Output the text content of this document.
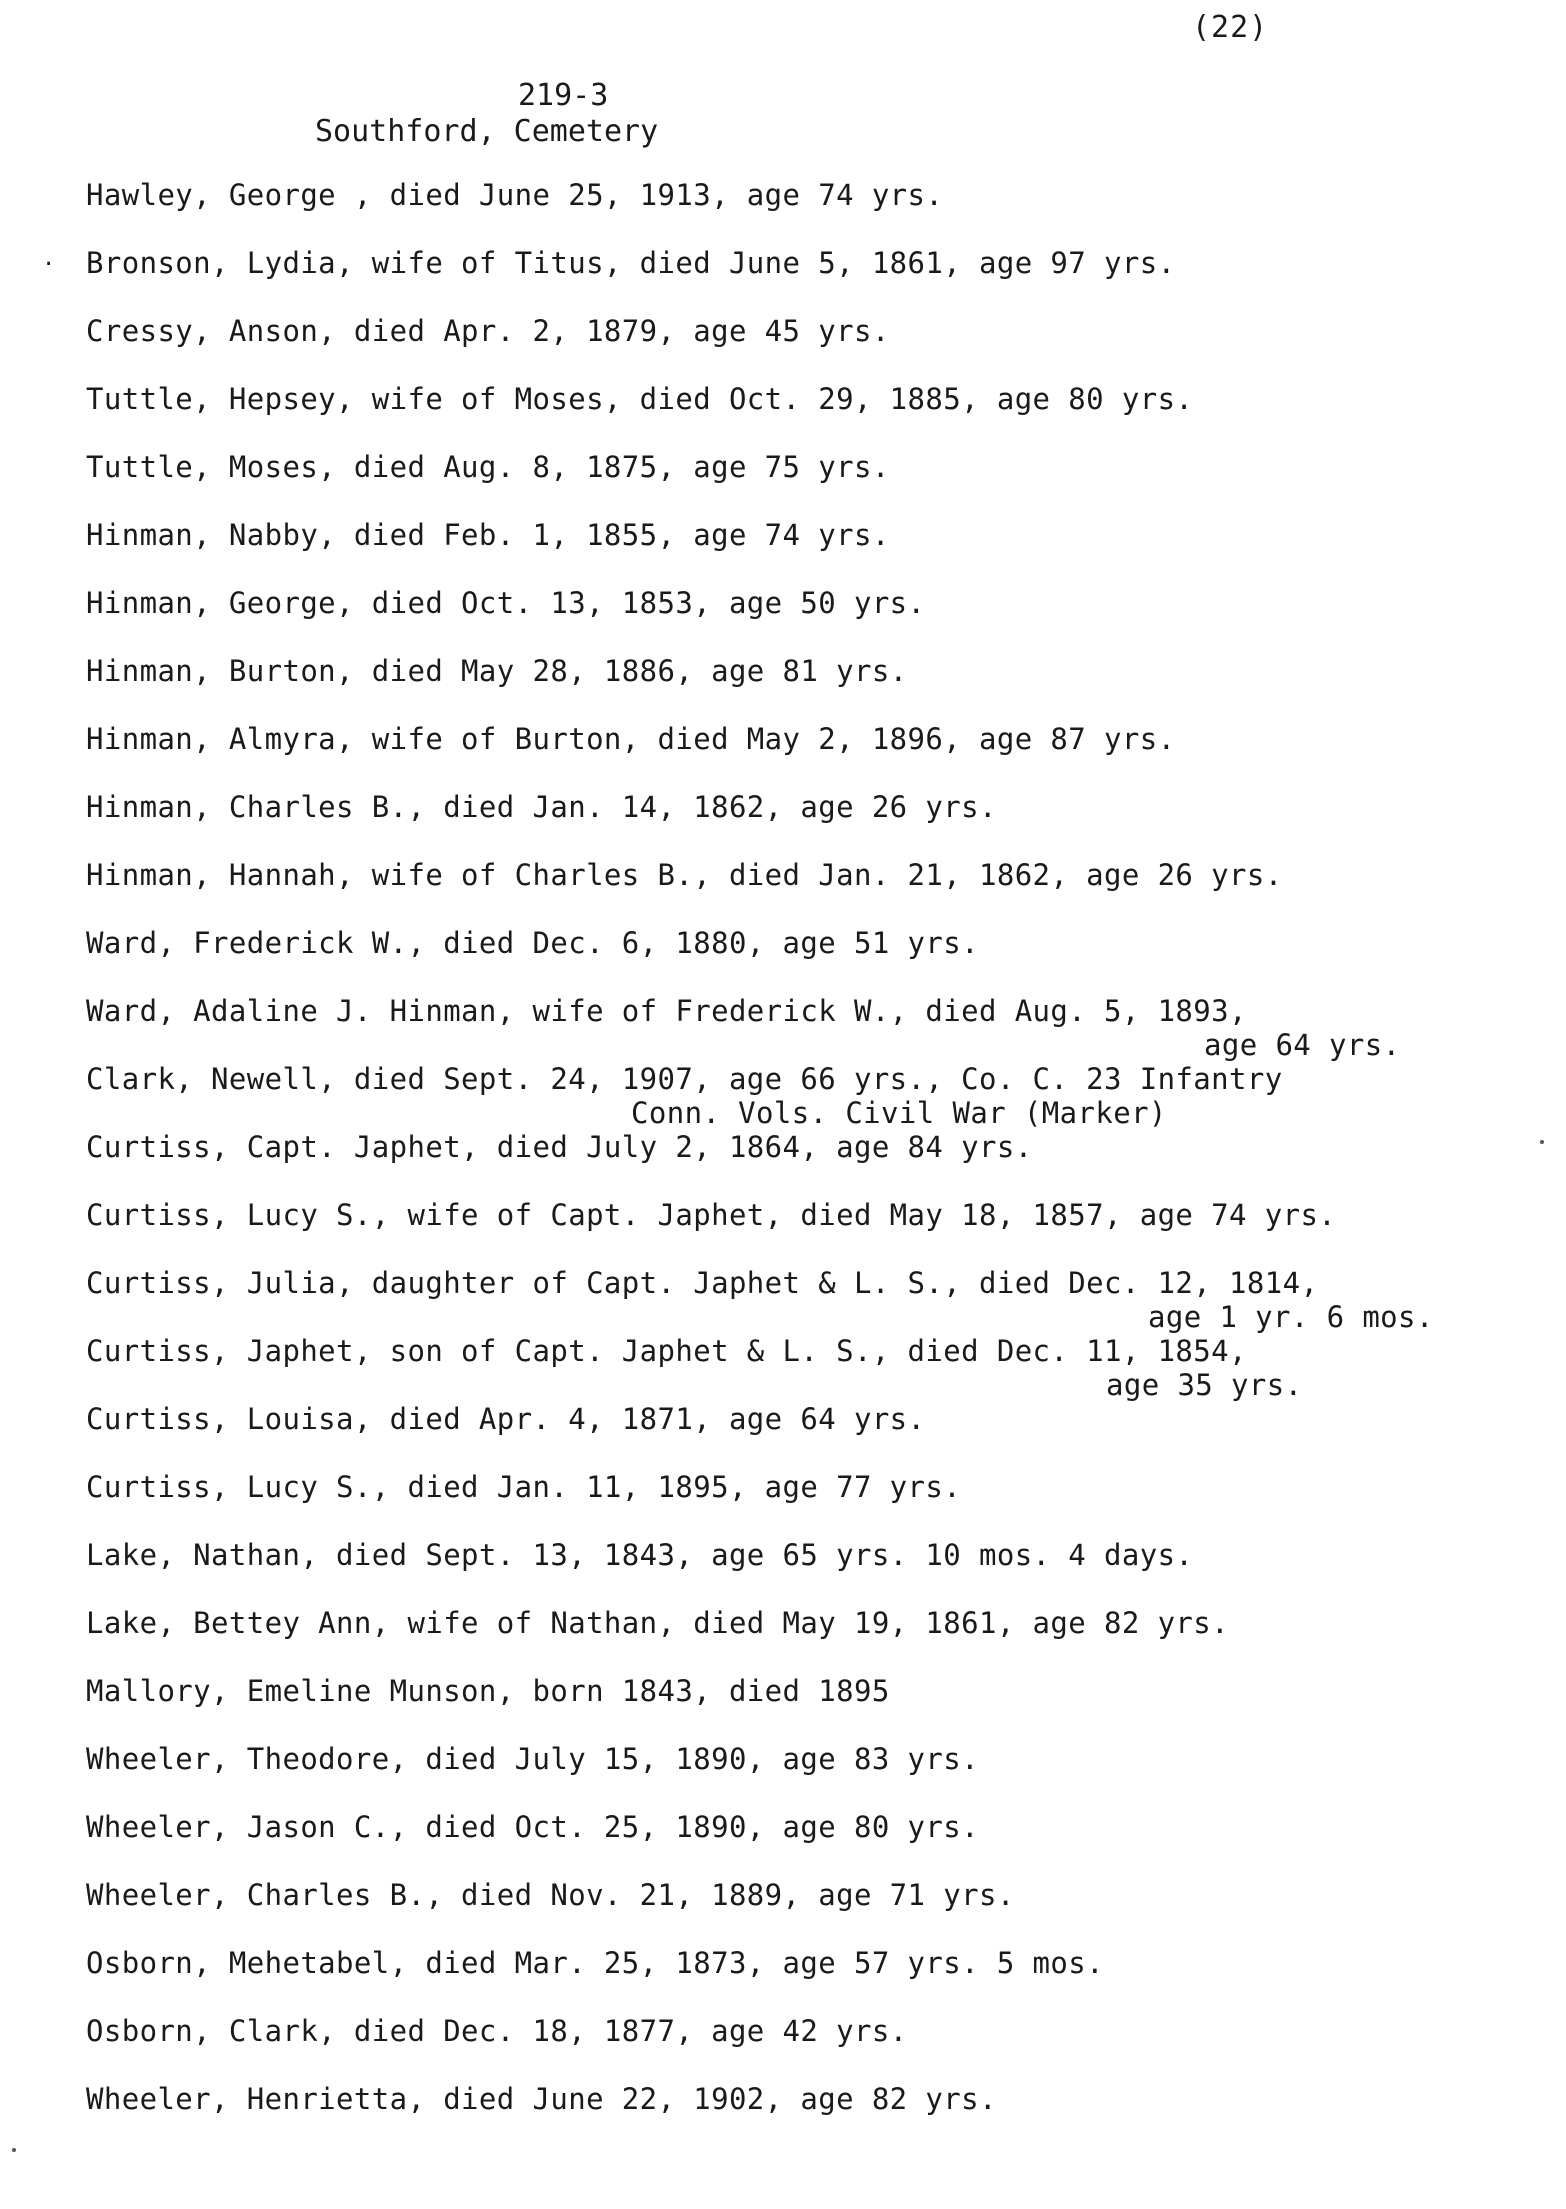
(22)
219-3
Southford, Cemetery
·
Hawley, George , died June 25, 1913, age 74 yrs.
Bronson, Lydia, wife of Titus, died June 5, 1861, age 97 yrs.
Cressy, Anson, died Apr. 2, 1879, age 45 yrs.
Tuttle, Hepsey, wife of Moses, died Oct. 29, 1885, age 80 yrs.
Tuttle, Moses, died Aug. 8, 1875, age 75 yrs.
Hinman, Nabby, died Feb. 1, 1855, age 74 yrs.
Hinman, George, died Oct. 13, 1853, age 50 yrs.
Hinman, Burton, died May 28, 1886, age 81 yrs.
Hinman, Almyra, wife of Burton, died May 2, 1896, age 87 yrs.
Hinman, Charles B., died Jan. 14, 1862, age 26 yrs.
Hinman, Hannah, wife of Charles B., died Jan. 21, 1862, age 26 yrs.
Ward, Frederick W., died Dec. 6, 1880, age 51 yrs.
Ward, Adaline J. Hinman, wife of Frederick W., died Aug. 5, 1893,
age 64 yrs.
Clark, Newell, died Sept. 24, 1907, age 66 yrs., Co. C. 23 Infantry
Conn. Vols. Civil War (Marker)
Curtiss, Capt. Japhet, died July 2, 1864, age 84 yrs.
Curtiss, Lucy S., wife of Capt. Japhet, died May 18, 1857, age 74 yrs.
Curtiss, Julia, daughter of Capt. Japhet & L. S., died Dec. 12, 1814,
age 1 yr. 6 mos.
Curtiss, Japhet, son of Capt. Japhet & L. S., died Dec. 11, 1854,
age 35 yrs.
Curtiss, Louisa, died Apr. 4, 1871, age 64 yrs.
Curtiss, Lucy S., died Jan. 11, 1895, age 77 yrs.
Lake, Nathan, died Sept. 13, 1843, age 65 yrs. 10 mos. 4 days.
Lake, Bettey Ann, wife of Nathan, died May 19, 1861, age 82 yrs.
Mallory, Emeline Munson, born 1843, died 1895
Wheeler, Theodore, died July 15, 1890, age 83 yrs.
Wheeler, Jason C., died Oct. 25, 1890, age 80 yrs.
Wheeler, Charles B., died Nov. 21, 1889, age 71 yrs.
Osborn, Mehetabel, died Mar. 25, 1873, age 57 yrs. 5 mos.
Osborn, Clark, died Dec. 18, 1877, age 42 yrs.
Wheeler, Henrietta, died June 22, 1902, age 82 yrs.
